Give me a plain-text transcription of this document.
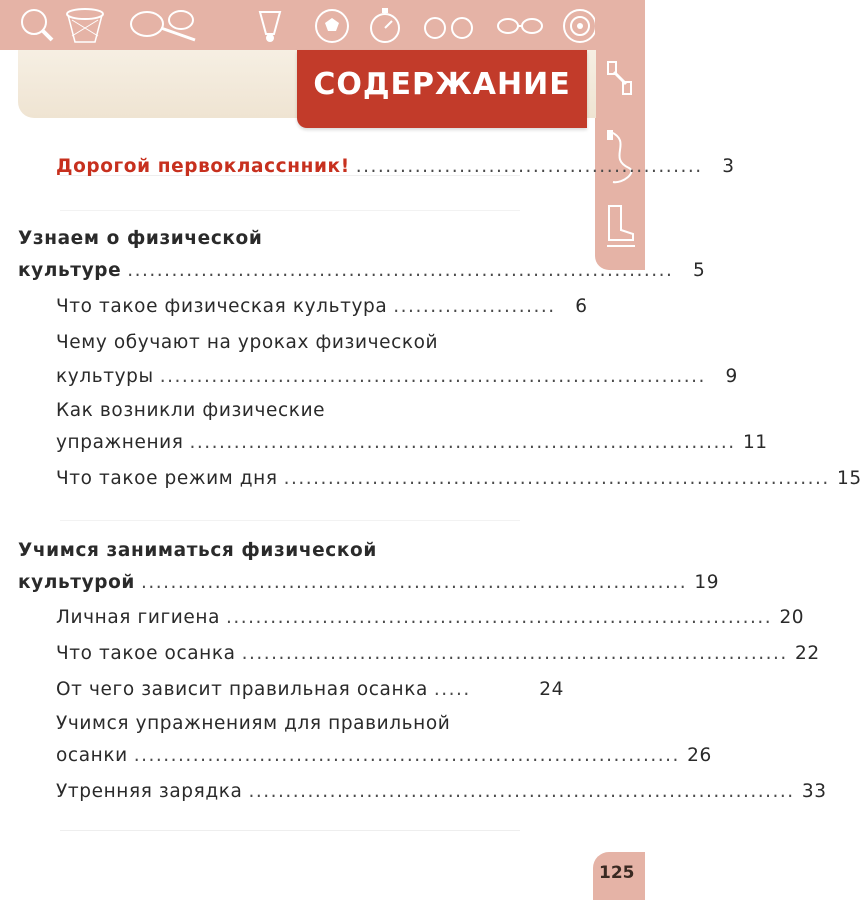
СОДЕРЖАНИЕ
Дорогой первокласснник! ...............................................	3
Узнаем о физической
культуре ..........................................................................	5
Что такое физическая культура ......................	6
Чему обучают на уроках физической
культуры ..........................................................................	9
Как возникли физические
упражнения .......................................................................... 11
Что такое режим дня .......................................................................... 15
Учимся заниматься физической
культурой .......................................................................... 19
Личная гигиена .......................................................................... 20
Что такое осанка .......................................................................... 22
От чего зависит правильная осанка .....	24
Учимся упражнениям для правильной
осанки .......................................................................... 26
Утренняя зарядка .......................................................................... 33
125
